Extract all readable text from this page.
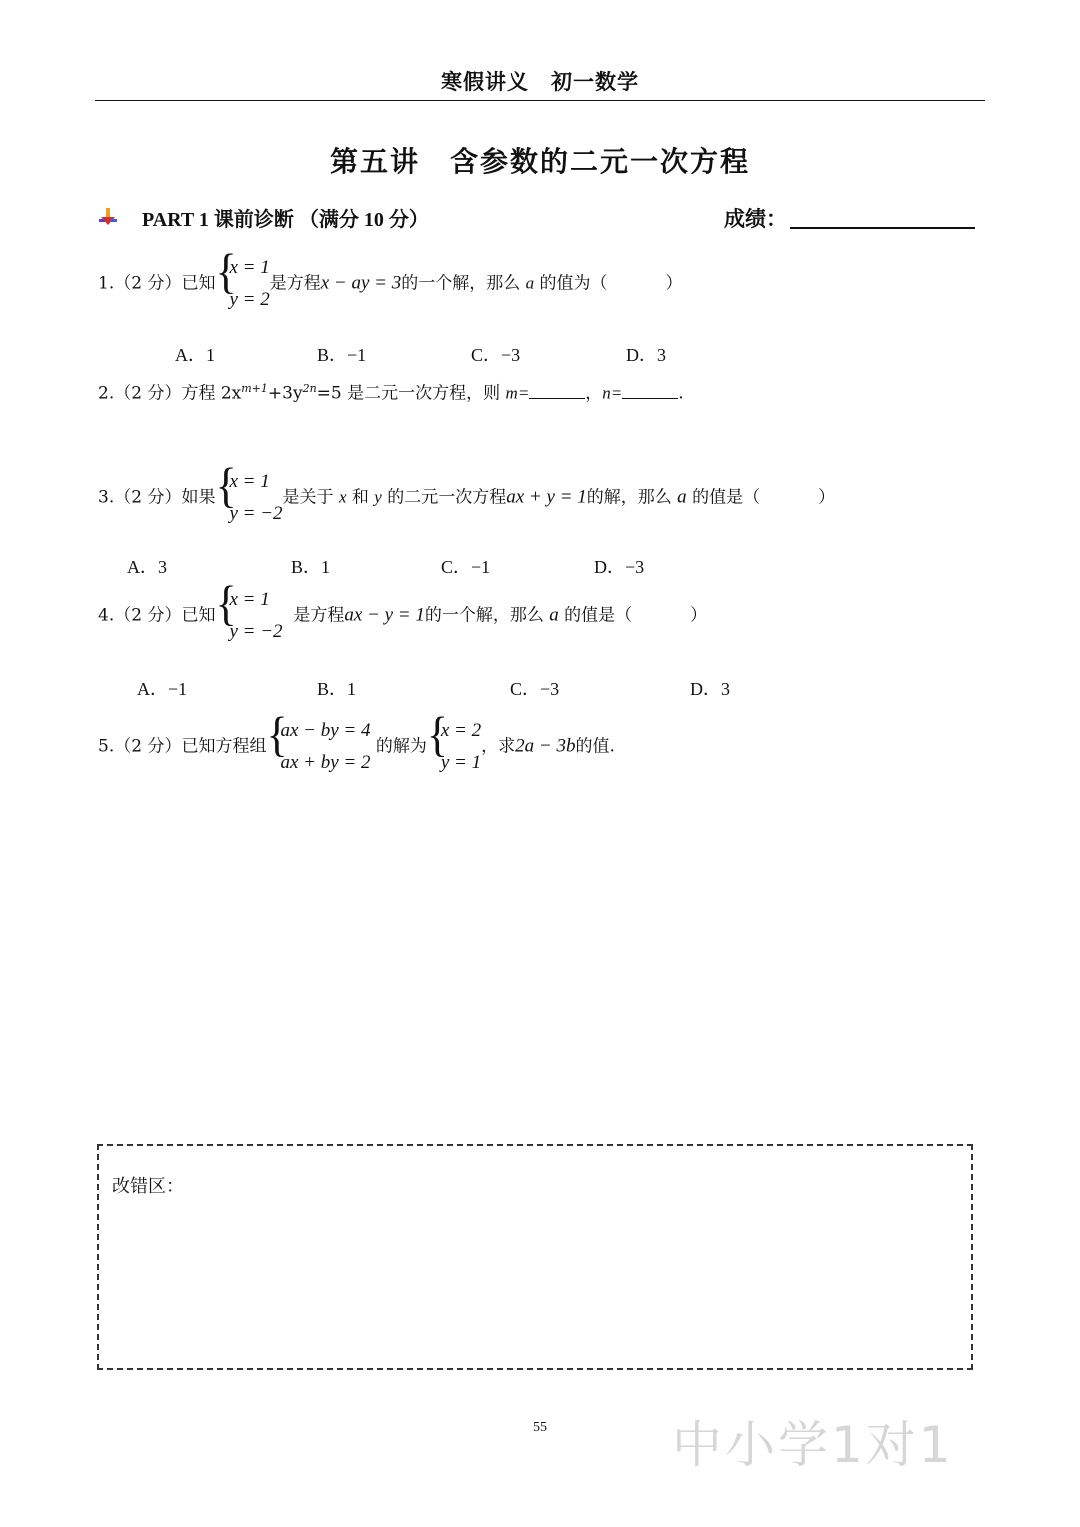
寒假讲义　初一数学
第五讲　含参数的二元一次方程
PART 1 课前诊断 （满分 10 分）	成绩：
1.（2 分）已知 {
x = 1
y = 2
是方程x − ay = 3的一个解，那么 a 的值为（	）
A．1	B．−1	C．−3	D．3
2.（2 分）方程 $2x^{m+1}+3y^{2n}=5$ 是二元一次方程，则 m=	，n=	.
3.（2 分）如果 {
x = 1
y = −2
是关于 x 和 y 的二元一次方程ax + y = 1的解，那么 a 的值是（	）
A．3	B．1	C．−1	D．−3
4.（2 分）已知 {
x = 1
y = −2
是方程ax − y = 1的一个解，那么 a 的值是（	）
A．−1	B．1	C．−3	D．3
5.（2 分）已知方程组 {
ax − by = 4
ax + by = 2
的解为 {
x = 2
y = 1
，求2a − 3b的值.
改错区：
55	中小学1对1
